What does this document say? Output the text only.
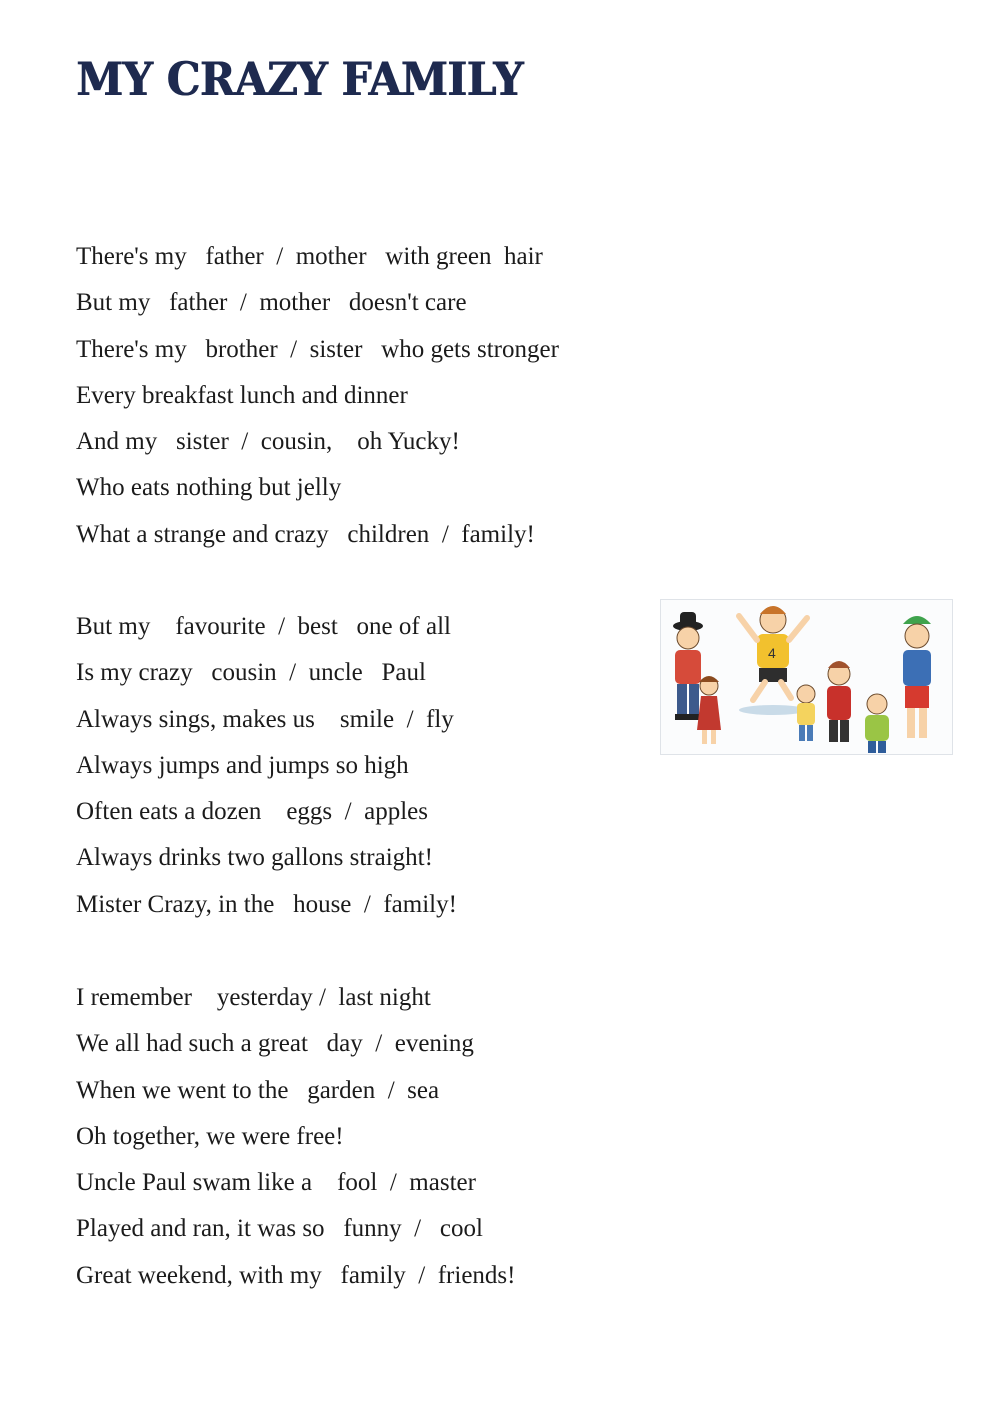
MY CRAZY FAMILY
There's my   father  /  mother   with green  hair
But my   father  /  mother   doesn't care
There's my   brother  /  sister   who gets stronger
Every breakfast lunch and dinner
And my   sister  /  cousin,    oh Yucky!
Who eats nothing but jelly
What a strange and crazy   children  /  family!
But my    favourite  /  best   one of all
Is my crazy   cousin  /  uncle   Paul
Always sings, makes us    smile  /  fly
Always jumps and jumps so high
Often eats a dozen    eggs  /  apples
Always drinks two gallons straight!
Mister Crazy, in the   house  /  family!
I remember    yesterday /  last night
We all had such a great   day  /  evening
When we went to the   garden  /  sea
Oh together, we were free!
Uncle Paul swam like a    fool  /  master
Played and ran, it was so   funny  /   cool
Great weekend, with my   family  /  friends!
4
